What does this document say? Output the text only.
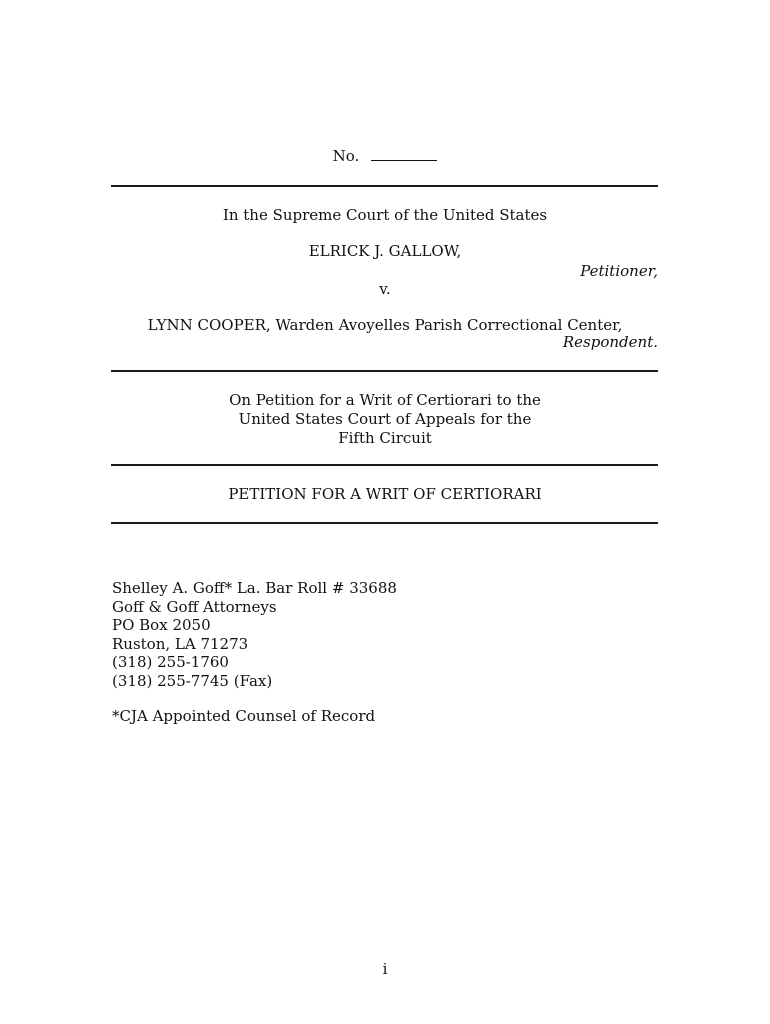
No.
In the Supreme Court of the United States
ELRICK J. GALLOW,
Petitioner,
v.
LYNN COOPER, Warden Avoyelles Parish Correctional Center,
Respondent.
On Petition for a Writ of Certiorari to the
United States Court of Appeals for the
Fifth Circuit
PETITION FOR A WRIT OF CERTIORARI
Shelley A. Goff* La. Bar Roll # 33688
Goff & Goff Attorneys
PO Box 2050
Ruston, LA 71273
(318) 255-1760
(318) 255-7745 (Fax)
*CJA Appointed Counsel of Record
i
